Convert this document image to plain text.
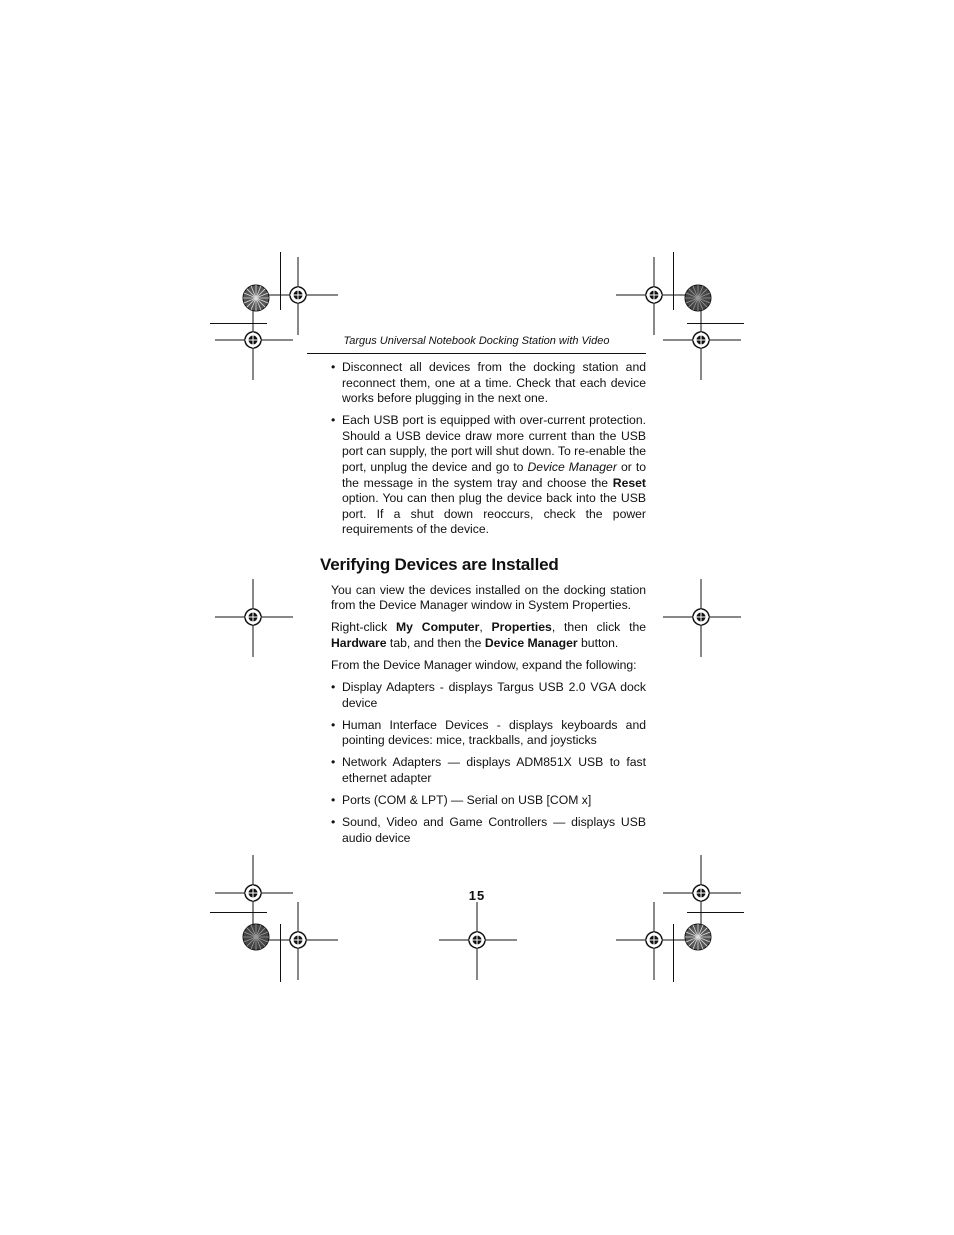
Targus Universal Notebook Docking Station with Video
• Disconnect all devices from the docking station and reconnect them, one at a time. Check that each device works before plugging in the next one.
• Each USB port is equipped with over-current protection. Should a USB device draw more current than the USB port can supply, the port will shut down. To re-enable the port, unplug the device and go to Device Manager or to the message in the system tray and choose the Reset option. You can then plug the device back into the USB port. If a shut down reoccurs, check the power requirements of the device.
Verifying Devices are Installed

You can view the devices installed on the docking station from the Device Manager window in System Properties.

Right-click My Computer, Properties, then click the Hardware tab, and then the Device Manager button.

From the Device Manager window, expand the following:

• Display Adapters - displays Targus USB 2.0 VGA dock device
• Human Interface Devices - displays keyboards and pointing devices: mice, trackballs, and joysticks
• Network Adapters — displays ADM851X USB to fast ethernet adapter
• Ports (COM & LPT) — Serial on USB [COM x]
• Sound, Video and Game Controllers — displays USB audio device
15
